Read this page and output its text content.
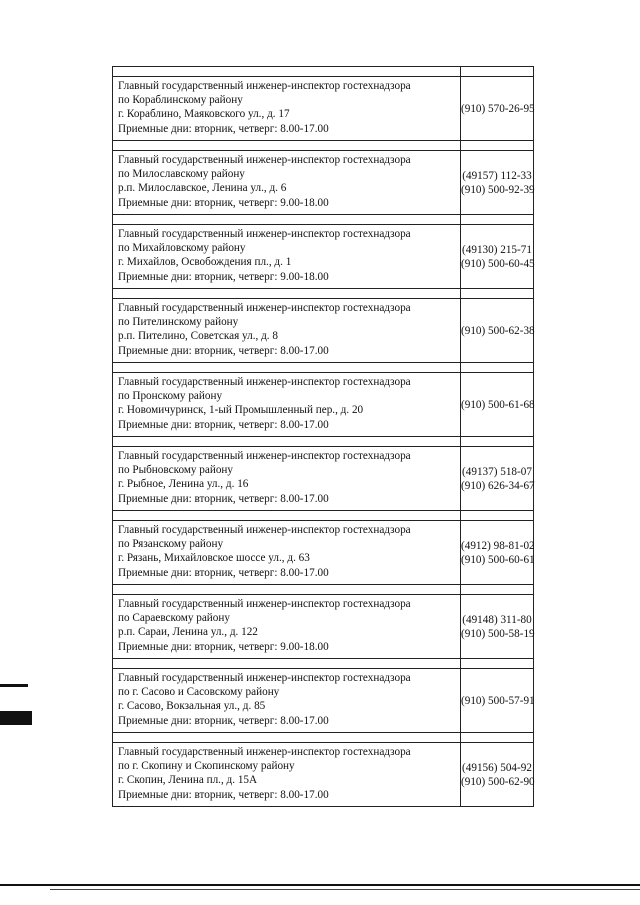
Главный государственный инженер-инспектор гостехнадзора
по Кораблинскому району
г. Кораблино, Маяковского ул., д. 17
Приемные дни: вторник, четверг: 8.00-17.00	(910) 570-26-95

Главный государственный инженер-инспектор гостехнадзора
по Милославскому району
р.п. Милославское, Ленина ул., д. 6
Приемные дни: вторник, четверг: 9.00-18.00	(49157) 112-33
(910) 500-92-39

Главный государственный инженер-инспектор гостехнадзора
по Михайловскому району
г. Михайлов, Освобождения пл., д. 1
Приемные дни: вторник, четверг: 9.00-18.00	(49130) 215-71
(910) 500-60-45

Главный государственный инженер-инспектор гостехнадзора
по Пителинскому району
р.п. Пителино, Советская ул., д. 8
Приемные дни: вторник, четверг: 8.00-17.00	(910) 500-62-38

Главный государственный инженер-инспектор гостехнадзора
по Пронскому району
г. Новомичуринск, 1-ый Промышленный пер., д. 20
Приемные дни: вторник, четверг: 8.00-17.00	(910) 500-61-68

Главный государственный инженер-инспектор гостехнадзора
по Рыбновскому району
г. Рыбное, Ленина ул., д. 16
Приемные дни: вторник, четверг: 8.00-17.00	(49137) 518-07
(910) 626-34-67

Главный государственный инженер-инспектор гостехнадзора
по Рязанскому району
г. Рязань, Михайловское шоссе ул., д. 63
Приемные дни: вторник, четверг: 8.00-17.00	(4912) 98-81-02
(910) 500-60-61

Главный государственный инженер-инспектор гостехнадзора
по Сараевскому району
р.п. Сараи, Ленина ул., д. 122
Приемные дни: вторник, четверг: 9.00-18.00	(49148) 311-80
(910) 500-58-19

Главный государственный инженер-инспектор гостехнадзора
по г. Сасово и Сасовскому району
г. Сасово, Вокзальная ул., д. 85
Приемные дни: вторник, четверг: 8.00-17.00	(910) 500-57-91

Главный государственный инженер-инспектор гостехнадзора
по г. Скопину и Скопинскому району
г. Скопин, Ленина пл., д. 15А
Приемные дни: вторник, четверг: 8.00-17.00	(49156) 504-92
(910) 500-62-90
